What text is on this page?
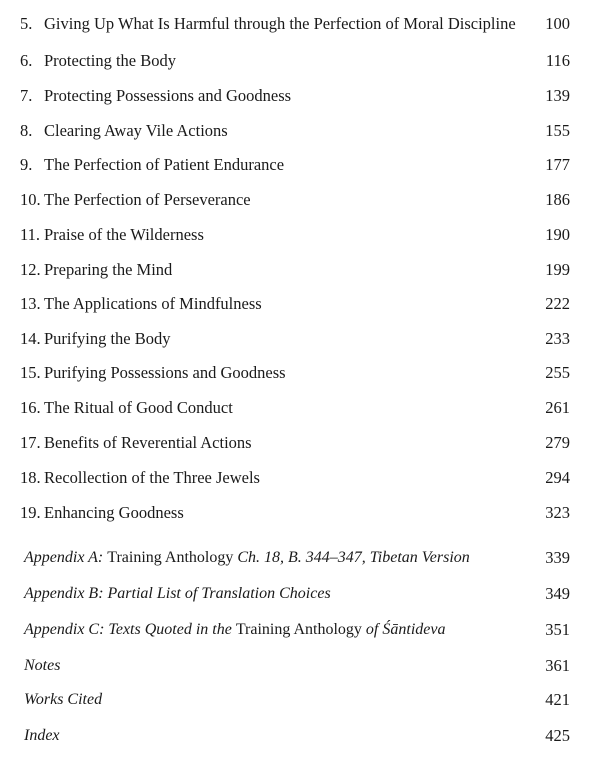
5. Giving Up What Is Harmful through the Perfection of Moral Discipline 100
6. Protecting the Body	116
7. Protecting Possessions and Goodness	139
8. Clearing Away Vile Actions	155
9. The Perfection of Patient Endurance	177
10. The Perfection of Perseverance	186
11. Praise of the Wilderness	190
12. Preparing the Mind	199
13. The Applications of Mindfulness	222
14. Purifying the Body	233
15. Purifying Possessions and Goodness	255
16. The Ritual of Good Conduct	261
17. Benefits of Reverential Actions	279
18. Recollection of the Three Jewels	294
19. Enhancing Goodness	323
Appendix A: Training Anthology Ch. 18, B. 344–347, Tibetan Version	339
Appendix B: Partial List of Translation Choices	349
Appendix C: Texts Quoted in the Training Anthology of Śāntideva	351
Notes	361
Works Cited	421
Index	425
